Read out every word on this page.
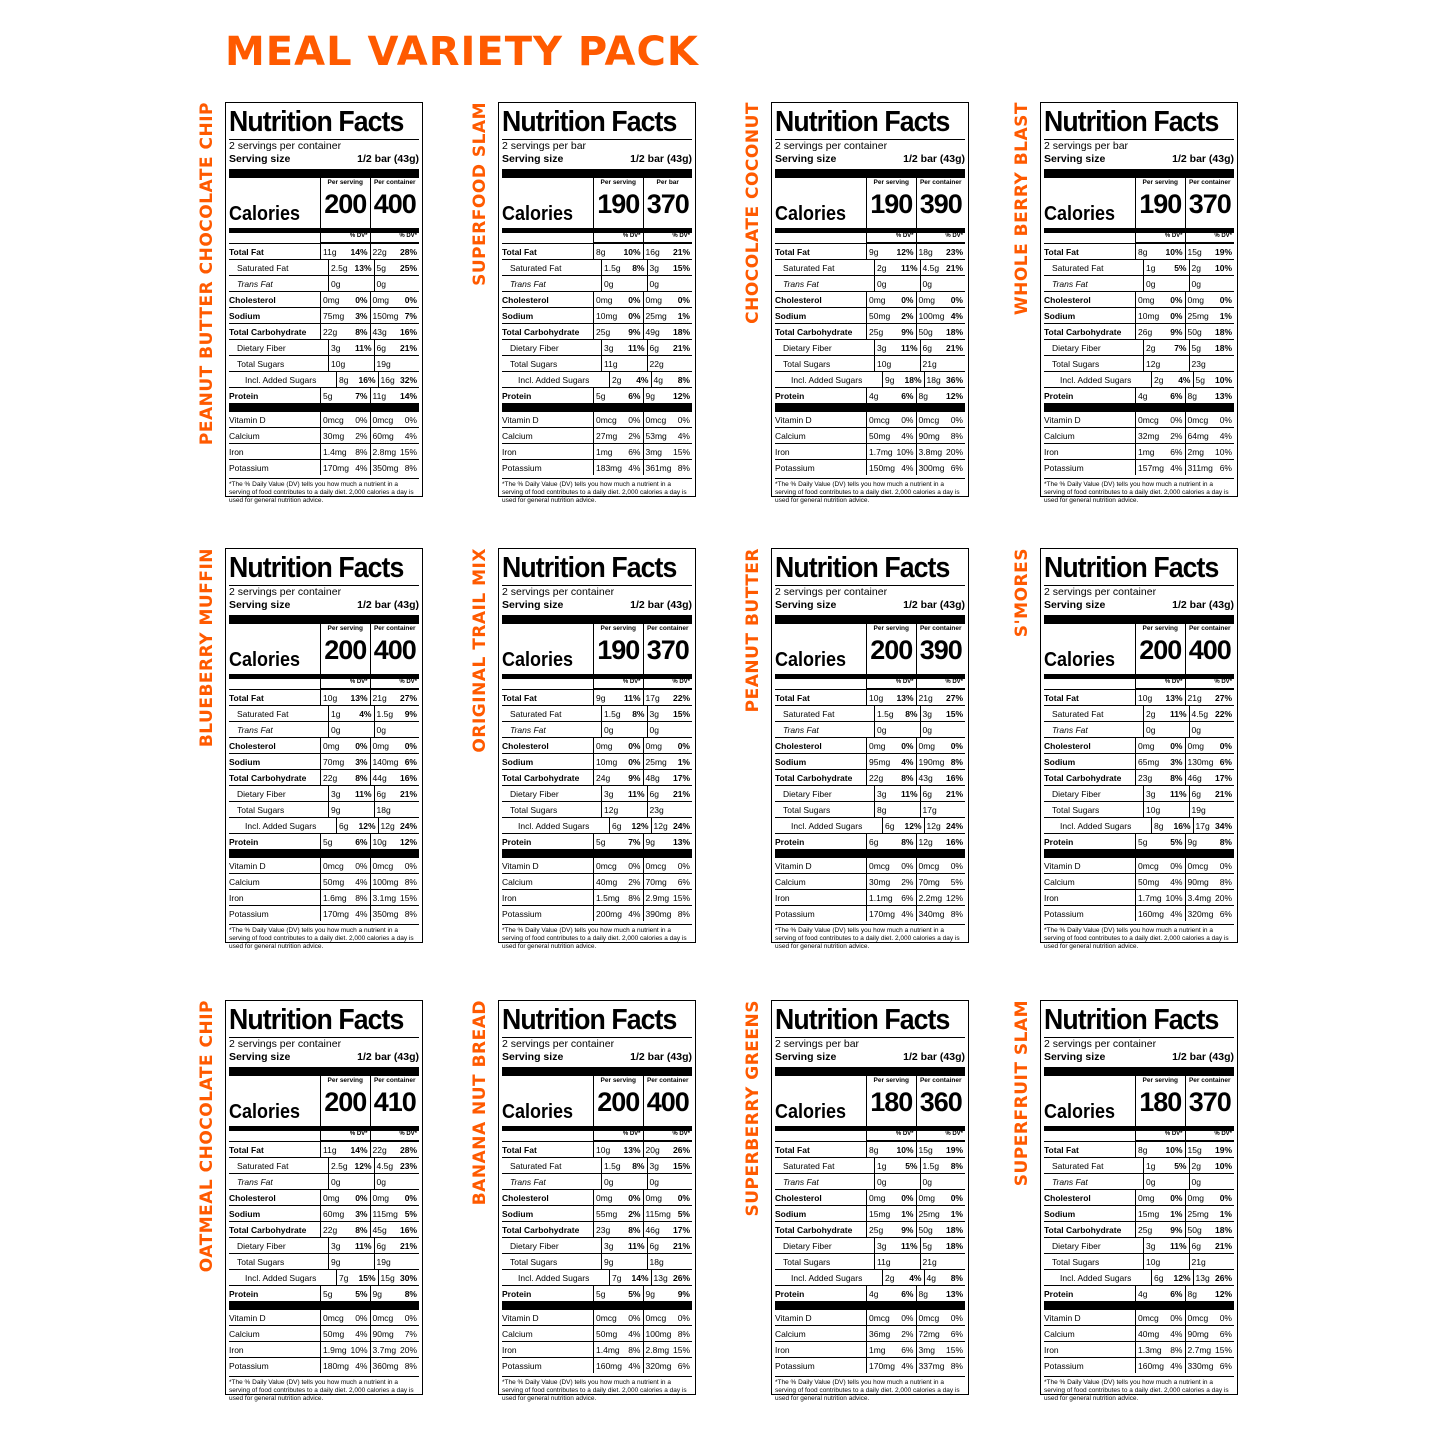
MEAL VARIETY PACK
PEANUT BUTTER CHOCOLATE CHIP Nutrition Facts
2 servings per container
Serving size	1/2 bar (43g)
Calories
Per serving
200
Per container
400
% DV*	% DV*
Total Fat	11g 14% 22g 28%
Saturated Fat	2.5g 13% 5g 25%
Trans Fat	0g	0g
Cholesterol	0mg 0% 0mg 0%
Sodium	75mg 3% 150mg 7%
Total Carbohydrate	22g 8% 43g 16%
Dietary Fiber	3g 11% 6g 21%
Total Sugars	10g	19g
Incl. Added Sugars	8g 16% 16g 32%
Protein	5g	7% 11g 14%
Vitamin D	0mcg 0% 0mcg 0%
Calcium	30mg 2% 60mg 4%
Iron	1.4mg 8% 2.8mg 15%
Potassium	170mg 4% 350mg 8%
*The % Daily Value (DV) tells you how much a nutrient in a serving of food contributes to a daily diet. 2,000 calories a day is used for general nutrition advice.
SUPERFOOD SLAM Nutrition Facts
2 servings per bar
Serving size	1/2 bar (43g)
Calories
Per serving
190
Per bar
370
% DV*	% DV*
Total Fat	8g 10% 16g 21%
Saturated Fat	1.5g 8% 3g 15%
Trans Fat	0g	0g
Cholesterol	0mg 0% 0mg 0%
Sodium	10mg 0% 25mg 1%
Total Carbohydrate	25g 9% 49g 18%
Dietary Fiber	3g 11% 6g 21%
Total Sugars	11g	22g
Incl. Added Sugars	2g 4% 4g 8%
Protein	5g	6% 9g 12%
Vitamin D	0mcg 0% 0mcg 0%
Calcium	27mg 2% 53mg 4%
Iron	1mg 6% 3mg 15%
Potassium	183mg 4% 361mg 8%
*The % Daily Value (DV) tells you how much a nutrient in a serving of food contributes to a daily diet. 2,000 calories a day is used for general nutrition advice.
CHOCOLATE COCONUT Nutrition Facts
2 servings per container
Serving size	1/2 bar (43g)
Calories
Per serving
190
Per container
390
% DV*	% DV*
Total Fat	9g 12% 18g 23%
Saturated Fat	2g 11% 4.5g 21%
Trans Fat	0g	0g
Cholesterol	0mg 0% 0mg 0%
Sodium	50mg 2% 100mg 4%
Total Carbohydrate	25g 9% 50g 18%
Dietary Fiber	3g 11% 6g 21%
Total Sugars	10g	21g
Incl. Added Sugars	9g 18% 18g 36%
Protein	4g	6% 8g 12%
Vitamin D	0mcg 0% 0mcg 0%
Calcium	50mg 4% 90mg 8%
Iron	1.7mg 10% 3.8mg 20%
Potassium	150mg 4% 300mg 6%
*The % Daily Value (DV) tells you how much a nutrient in a serving of food contributes to a daily diet. 2,000 calories a day is used for general nutrition advice.
WHOLE BERRY BLAST Nutrition Facts
2 servings per bar
Serving size	1/2 bar (43g)
Calories
Per serving
190
Per container
370
% DV*	% DV*
Total Fat	8g 10% 15g 19%
Saturated Fat	1g 5% 2g 10%
Trans Fat	0g	0g
Cholesterol	0mg 0% 0mg 0%
Sodium	10mg 0% 25mg 1%
Total Carbohydrate	26g 9% 50g 18%
Dietary Fiber	2g 7% 5g 18%
Total Sugars	12g	23g
Incl. Added Sugars	2g 4% 5g 10%
Protein	4g	6% 8g 13%
Vitamin D	0mcg 0% 0mcg 0%
Calcium	32mg 2% 64mg 4%
Iron	1mg 6% 2mg 10%
Potassium	157mg 4% 311mg 6%
*The % Daily Value (DV) tells you how much a nutrient in a serving of food contributes to a daily diet. 2,000 calories a day is used for general nutrition advice.
BLUEBERRY MUFFIN Nutrition Facts
2 servings per container
Serving size	1/2 bar (43g)
Calories
Per serving
200
Per container
400
% DV*	% DV*
Total Fat	10g 13% 21g 27%
Saturated Fat	1g 4% 1.5g 9%
Trans Fat	0g	0g
Cholesterol	0mg 0% 0mg 0%
Sodium	70mg 3% 140mg 6%
Total Carbohydrate	22g 8% 44g 16%
Dietary Fiber	3g 11% 6g 21%
Total Sugars	9g	18g
Incl. Added Sugars	6g 12% 12g 24%
Protein	5g	6% 10g 12%
Vitamin D	0mcg 0% 0mcg 0%
Calcium	50mg 4% 100mg 8%
Iron	1.6mg 8% 3.1mg 15%
Potassium	170mg 4% 350mg 8%
*The % Daily Value (DV) tells you how much a nutrient in a serving of food contributes to a daily diet. 2,000 calories a day is used for general nutrition advice.
ORIGINAL TRAIL MIX Nutrition Facts
2 servings per container
Serving size	1/2 bar (43g)
Calories
Per serving
190
Per container
370
% DV*	% DV*
Total Fat	9g 11% 17g 22%
Saturated Fat	1.5g 8% 3g 15%
Trans Fat	0g	0g
Cholesterol	0mg 0% 0mg 0%
Sodium	10mg 0% 25mg 1%
Total Carbohydrate	24g 9% 48g 17%
Dietary Fiber	3g 11% 6g 21%
Total Sugars	12g	23g
Incl. Added Sugars	6g 12% 12g 24%
Protein	5g	7% 9g 13%
Vitamin D	0mcg 0% 0mcg 0%
Calcium	40mg 2% 70mg 6%
Iron	1.5mg 8% 2.9mg 15%
Potassium	200mg 4% 390mg 8%
*The % Daily Value (DV) tells you how much a nutrient in a serving of food contributes to a daily diet. 2,000 calories a day is used for general nutrition advice.
PEANUT BUTTER Nutrition Facts
2 servings per container
Serving size	1/2 bar (43g)
Calories
Per serving
200
Per container
390
% DV*	% DV*
Total Fat	10g 13% 21g 27%
Saturated Fat	1.5g 8% 3g 15%
Trans Fat	0g	0g
Cholesterol	0mg 0% 0mg 0%
Sodium	95mg 4% 190mg 8%
Total Carbohydrate	22g 8% 43g 16%
Dietary Fiber	3g 11% 6g 21%
Total Sugars	8g	17g
Incl. Added Sugars	6g 12% 12g 24%
Protein	6g	8% 12g 16%
Vitamin D	0mcg 0% 0mcg 0%
Calcium	30mg 2% 70mg 5%
Iron	1.1mg 6% 2.2mg 12%
Potassium	170mg 4% 340mg 8%
*The % Daily Value (DV) tells you how much a nutrient in a serving of food contributes to a daily diet. 2,000 calories a day is used for general nutrition advice.
S'MORES Nutrition Facts
2 servings per container
Serving size	1/2 bar (43g)
Calories
Per serving
200
Per container
400
% DV*	% DV*
Total Fat	10g 13% 21g 27%
Saturated Fat	2g 11% 4.5g 22%
Trans Fat	0g	0g
Cholesterol	0mg 0% 0mg 0%
Sodium	65mg 3% 130mg 6%
Total Carbohydrate	23g 8% 46g 17%
Dietary Fiber	3g 11% 6g 21%
Total Sugars	10g	19g
Incl. Added Sugars	8g 16% 17g 34%
Protein	5g	5% 9g	8%
Vitamin D	0mcg 0% 0mcg 0%
Calcium	50mg 4% 90mg 8%
Iron	1.7mg 10% 3.4mg 20%
Potassium	160mg 4% 320mg 6%
*The % Daily Value (DV) tells you how much a nutrient in a serving of food contributes to a daily diet. 2,000 calories a day is used for general nutrition advice.
OATMEAL CHOCOLATE CHIP Nutrition Facts
2 servings per container
Serving size	1/2 bar (43g)
Calories
Per serving
200
Per container
410
% DV*	% DV*
Total Fat	11g 14% 22g 28%
Saturated Fat	2.5g 12% 4.5g 23%
Trans Fat	0g	0g
Cholesterol	0mg 0% 0mg 0%
Sodium	60mg 3% 115mg 5%
Total Carbohydrate	22g 8% 45g 16%
Dietary Fiber	3g 11% 6g 21%
Total Sugars	9g	19g
Incl. Added Sugars	7g 15% 15g 30%
Protein	5g	5% 9g	8%
Vitamin D	0mcg 0% 0mcg 0%
Calcium	50mg 4% 90mg 7%
Iron	1.9mg 10% 3.7mg 20%
Potassium	180mg 4% 360mg 8%
*The % Daily Value (DV) tells you how much a nutrient in a serving of food contributes to a daily diet. 2,000 calories a day is used for general nutrition advice.
BANANA NUT BREAD Nutrition Facts
2 servings per container
Serving size	1/2 bar (43g)
Calories
Per serving
200
Per container
400
% DV*	% DV*
Total Fat	10g 13% 20g 26%
Saturated Fat	1.5g 8% 3g 15%
Trans Fat	0g	0g
Cholesterol	0mg 0% 0mg 0%
Sodium	55mg 2% 115mg 5%
Total Carbohydrate	23g 8% 46g 17%
Dietary Fiber	3g 11% 6g 21%
Total Sugars	9g	18g
Incl. Added Sugars	7g 14% 13g 26%
Protein	5g	5% 9g	9%
Vitamin D	0mcg 0% 0mcg 0%
Calcium	50mg 4% 100mg 8%
Iron	1.4mg 8% 2.8mg 15%
Potassium	160mg 4% 320mg 6%
*The % Daily Value (DV) tells you how much a nutrient in a serving of food contributes to a daily diet. 2,000 calories a day is used for general nutrition advice.
SUPERBERRY GREENS Nutrition Facts
2 servings per bar
Serving size	1/2 bar (43g)
Calories
Per serving
180
Per container
360
% DV*	% DV*
Total Fat	8g 10% 15g 19%
Saturated Fat	1g 5% 1.5g 8%
Trans Fat	0g	0g
Cholesterol	0mg 0% 0mg 0%
Sodium	15mg 1% 25mg 1%
Total Carbohydrate	25g 9% 50g 18%
Dietary Fiber	3g 11% 5g 18%
Total Sugars	11g	21g
Incl. Added Sugars	2g 4% 4g 8%
Protein	4g	6% 8g 13%
Vitamin D	0mcg 0% 0mcg 0%
Calcium	36mg 2% 72mg 6%
Iron	1mg 6% 3mg 15%
Potassium	170mg 4% 337mg 8%
*The % Daily Value (DV) tells you how much a nutrient in a serving of food contributes to a daily diet. 2,000 calories a day is used for general nutrition advice.
SUPERFRUIT SLAM Nutrition Facts
2 servings per container
Serving size	1/2 bar (43g)
Calories
Per serving
180
Per container
370
% DV*	% DV*
Total Fat	8g 10% 15g 19%
Saturated Fat	1g 5% 2g 10%
Trans Fat	0g	0g
Cholesterol	0mg 0% 0mg 0%
Sodium	15mg 1% 25mg 1%
Total Carbohydrate	25g 9% 50g 18%
Dietary Fiber	3g 11% 6g 21%
Total Sugars	10g	21g
Incl. Added Sugars	6g 12% 13g 26%
Protein	4g	6% 8g 12%
Vitamin D	0mcg 0% 0mcg 0%
Calcium	40mg 4% 90mg 6%
Iron	1.3mg 8% 2.7mg 15%
Potassium	160mg 4% 330mg 6%
*The % Daily Value (DV) tells you how much a nutrient in a serving of food contributes to a daily diet. 2,000 calories a day is used for general nutrition advice.
